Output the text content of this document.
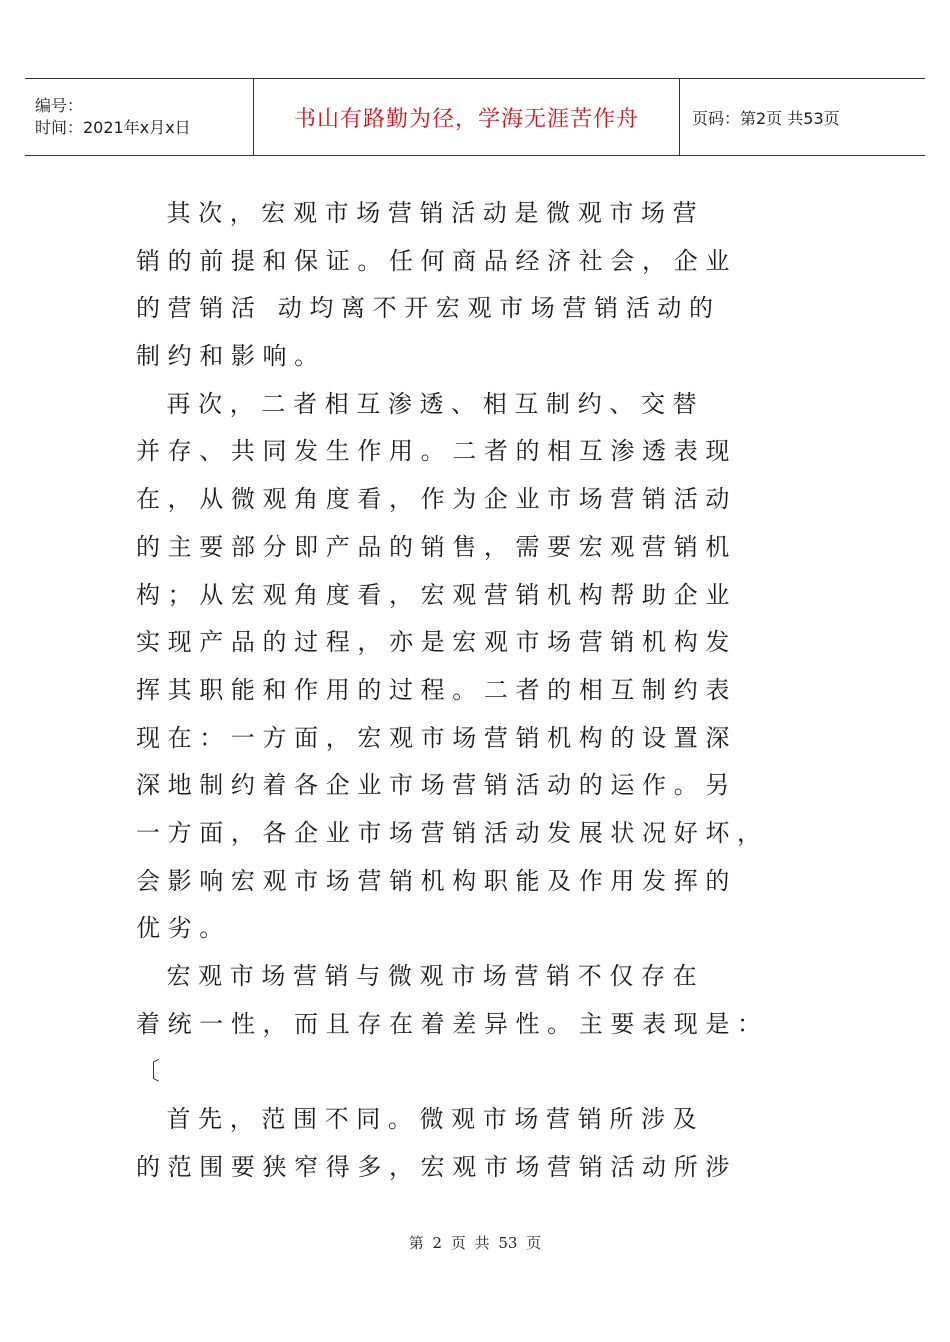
编号：
时间：2021年x月x日	书山有路勤为径，学海无涯苦作舟	页码：第2页 共53页
其 次 ， 宏 观 市 场 营 销 活 动 是 微 观 市 场 营
销 的 前 提 和 保 证 。 任 何 商 品 经 济 社 会 ， 企 业
的 营 销 活   动 均 离 不 开 宏 观 市 场 营 销 活 动 的
制 约 和 影 响 。
再 次 ， 二 者 相 互 渗 透 、 相 互 制 约 、 交 替
并 存 、 共 同 发 生 作 用 。 二 者 的 相 互 渗 透 表 现
在 ， 从 微 观 角 度 看 ， 作 为 企 业 市 场 营 销 活 动
的 主 要 部 分 即 产 品 的 销 售 ， 需 要 宏 观 营 销 机
构 ； 从 宏 观 角 度 看 ， 宏 观 营 销 机 构 帮 助 企 业
实 现 产 品 的 过 程 ， 亦 是 宏 观 市 场 营 销 机 构 发
挥 其 职 能 和 作 用 的 过 程 。 二 者 的 相 互 制 约 表
现 在 ： 一 方 面 ， 宏 观 市 场 营 销 机 构 的 设 置 深
深 地 制 约 着 各 企 业 市 场 营 销 活 动 的 运 作 。 另
一 方 面 ， 各 企 业 市 场 营 销 活 动 发 展 状 况 好 坏 ，
会 影 响 宏 观 市 场 营 销 机 构 职 能 及 作 用 发 挥 的
优 劣 。
宏 观 市 场 营 销 与 微 观 市 场 营 销 不 仅 存 在
着 统 一 性 ， 而 且 存 在 着 差 异 性 。 主 要 表 现 是 ：
〔
首 先 ， 范 围 不 同 。 微 观 市 场 营 销 所 涉 及
的 范 围 要 狭 窄 得 多 ， 宏 观 市 场 营 销 活 动 所 涉
第 2 页 共 53 页
